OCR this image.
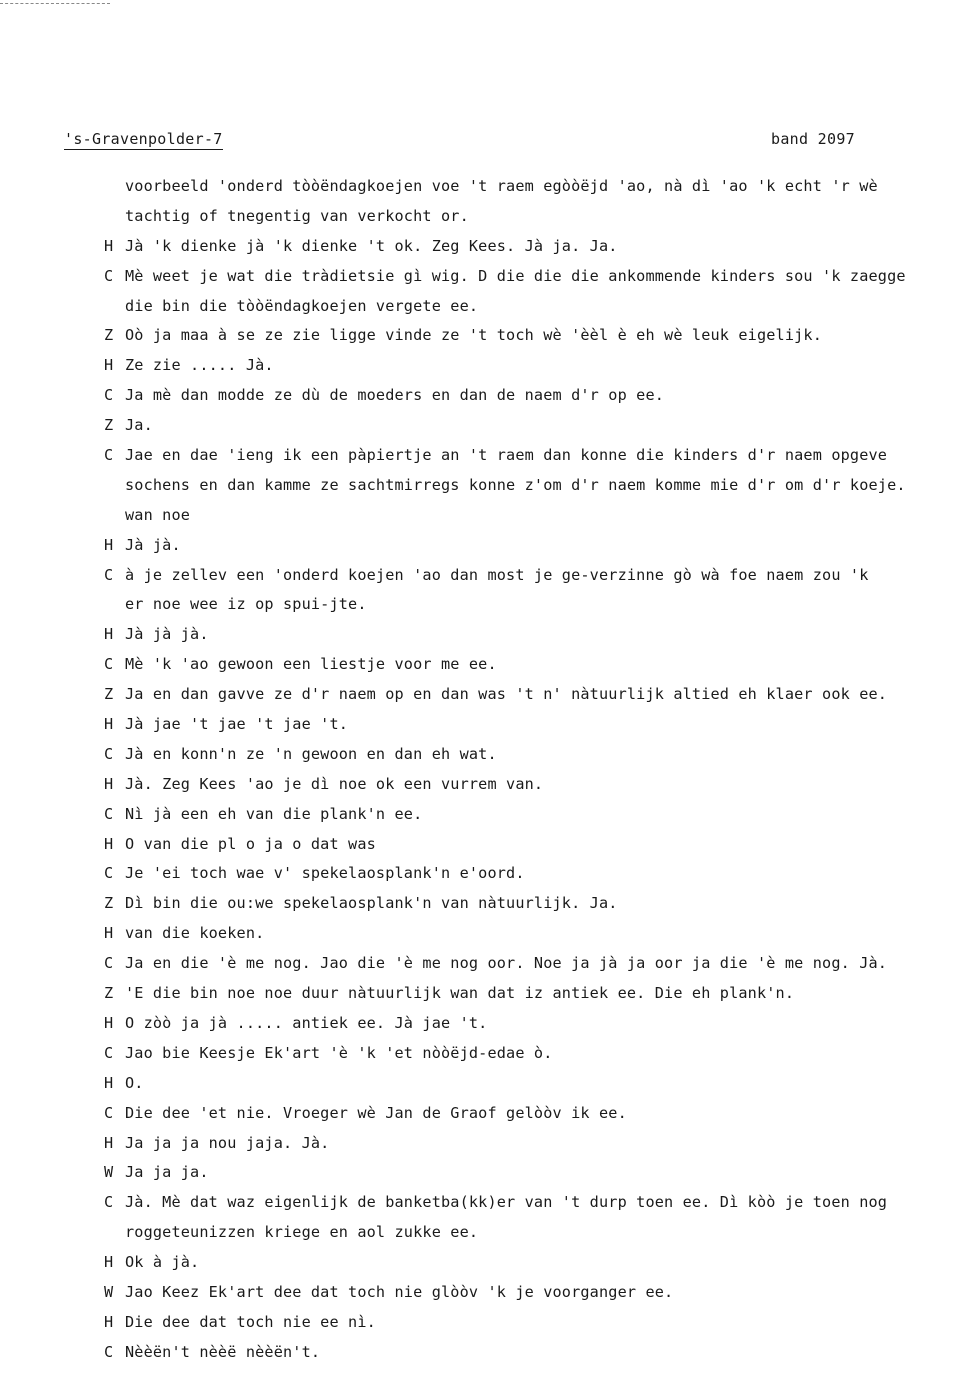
's-Gravenpolder-7	band 2097
voorbeeld 'onderd tòòëndagkoejen voe 't raem egòòëjd 'ao, nà dì 'ao 'k echt 'r wè
tachtig of tnegentig van verkocht or.
H Jà 'k dienke jà 'k dienke 't ok. Zeg Kees. Jà ja. Ja.
C Mè weet je wat die tràdietsie gì wig. D die die die ankommende kinders sou 'k zaegge
die bin die tòòëndagkoejen vergete ee.
Z Oò ja maa à se ze zie ligge vinde ze 't toch wè 'èèl è eh wè leuk eigelijk.
H Ze zie ..... Jà.
C Ja mè dan modde ze dù de moeders en dan de naem d'r op ee.
Z Ja.
C Jae en dae 'ieng ik een pàpiertje an 't raem dan konne die kinders d'r naem opgeve
sochens en dan kamme ze sachtmirregs konne z'om d'r naem komme mie d'r om d'r koeje.
wan noe
H Jà jà.
C à je zellev een 'onderd koejen 'ao dan most je ge-verzinne gò wà foe naem zou 'k
er noe wee iz op spui-jte.
H Jà jà jà.
C Mè 'k 'ao gewoon een liestje voor me ee.
Z Ja en dan gavve ze d'r naem op en dan was 't n' nàtuurlijk altied eh klaer ook ee.
H Jà jae 't jae 't jae 't.
C Jà en konn'n ze 'n gewoon en dan eh wat.
H Jà. Zeg Kees 'ao je dì noe ok een vurrem van.
C Nì jà een eh van die plank'n ee.
H O van die pl o ja o dat was
C Je 'ei toch wae v' spekelaosplank'n e'oord.
Z Dì bin die ou:we spekelaosplank'n van nàtuurlijk. Ja.
H van die koeken.
C Ja en die 'è me nog. Jao die 'è me nog oor. Noe ja jà ja oor ja die 'è me nog. Jà.
Z 'E die bin noe noe duur nàtuurlijk wan dat iz antiek ee. Die eh plank'n.
H O zòò ja jà ..... antiek ee. Jà jae 't.
C Jao bie Keesje Ek'art 'è 'k 'et nòòëjd-edae ò.
H O.
C Die dee 'et nie. Vroeger wè Jan de Graof gelòòv ik ee.
H Ja ja ja nou jaja. Jà.
W Ja ja ja.
C Jà. Mè dat waz eigenlijk de banketba(kk)er van 't durp toen ee. Dì kòò je toen nog
roggeteunizzen kriege en aol zukke ee.
H Ok à jà.
W Jao Keez Ek'art dee dat toch nie glòòv 'k je voorganger ee.
H Die dee dat toch nie ee nì.
C Nèèën't nèèë nèèën't.
